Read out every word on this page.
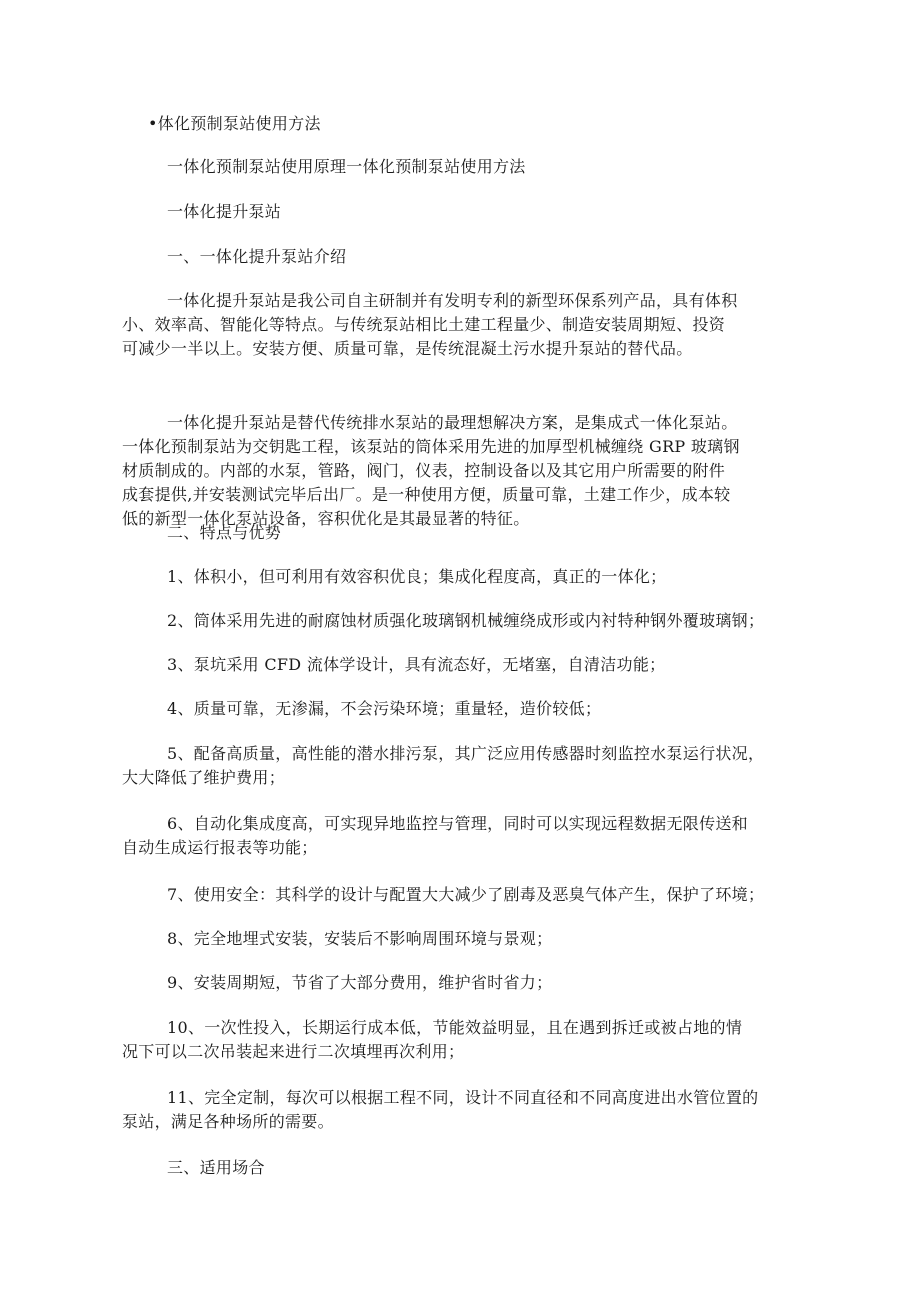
•体化预制泵站使用方法
一体化预制泵站使用原理一体化预制泵站使用方法
一体化提升泵站
一、一体化提升泵站介绍
一体化提升泵站是我公司自主研制并有发明专利的新型环保系列产品，具有体积
小、效率高、智能化等特点。与传统泵站相比土建工程量少、制造安装周期短、投资
可减少一半以上。安装方便、质量可靠，是传统混凝土污水提升泵站的替代品。
一体化提升泵站是替代传统排水泵站的最理想解决方案，是集成式一体化泵站。
一体化预制泵站为交钥匙工程，该泵站的筒体采用先进的加厚型机械缠绕 GRP 玻璃钢
材质制成的。内部的水泵，管路，阀门，仪表，控制设备以及其它用户所需要的附件
成套提供,并安装测试完毕后出厂。是一种使用方便，质量可靠，土建工作少，成本较
低的新型一体化泵站设备，容积优化是其最显著的特征。
二、特点与优势
1、体积小，但可利用有效容积优良；集成化程度高，真正的一体化；
2、筒体采用先进的耐腐蚀材质强化玻璃钢机械缠绕成形或内衬特种钢外覆玻璃钢；
3、泵坑采用 CFD 流体学设计，具有流态好，无堵塞，自清洁功能；
4、质量可靠，无渗漏，不会污染环境；重量轻，造价较低；
5、配备高质量，高性能的潜水排污泵，其广泛应用传感器时刻监控水泵运行状况，
大大降低了维护费用；
6、自动化集成度高，可实现异地监控与管理，同时可以实现远程数据无限传送和
自动生成运行报表等功能；
7、使用安全：其科学的设计与配置大大减少了剧毒及恶臭气体产生，保护了环境；
8、完全地埋式安装，安装后不影响周围环境与景观；
9、安装周期短，节省了大部分费用，维护省时省力；
10、一次性投入，长期运行成本低，节能效益明显，且在遇到拆迁或被占地的情
况下可以二次吊装起来进行二次填埋再次利用；
11、完全定制，每次可以根据工程不同，设计不同直径和不同高度进出水管位置的
泵站，满足各种场所的需要。
三、适用场合
